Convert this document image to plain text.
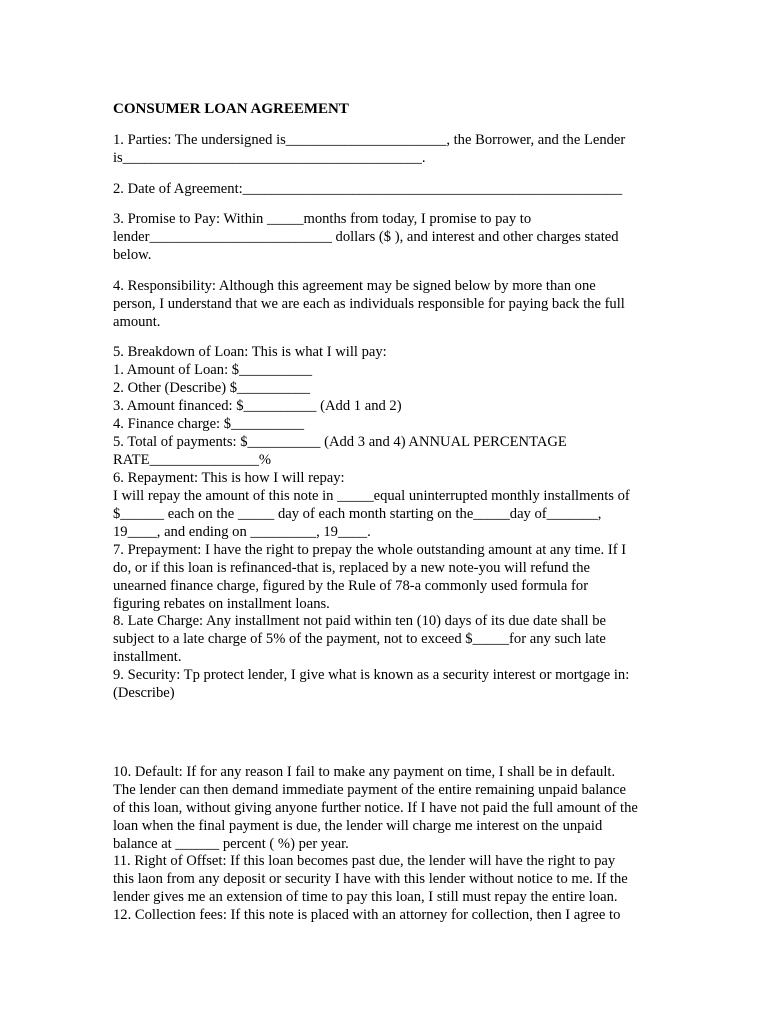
CONSUMER LOAN AGREEMENT
1. Parties: The undersigned is______________________, the Borrower, and the Lender
is_________________________________________.
2. Date of Agreement:____________________________________________________
3. Promise to Pay: Within _____months from today, I promise to pay to
lender_________________________ dollars ($ ), and interest and other charges stated
below.
4. Responsibility: Although this agreement may be signed below by more than one
person, I understand that we are each as individuals responsible for paying back the full
amount.
5. Breakdown of Loan: This is what I will pay:
1. Amount of Loan: $__________
2. Other (Describe) $__________
3. Amount financed: $__________ (Add 1 and 2)
4. Finance charge: $__________
5. Total of payments: $__________ (Add 3 and 4) ANNUAL PERCENTAGE
RATE_______________%
6. Repayment: This is how I will repay:
I will repay the amount of this note in _____equal uninterrupted monthly installments of
$______ each on the _____ day of each month starting on the_____day of_______,
19____, and ending on _________, 19____.
7. Prepayment: I have the right to prepay the whole outstanding amount at any time. If I
do, or if this loan is refinanced-that is, replaced by a new note-you will refund the
unearned finance charge, figured by the Rule of 78-a commonly used formula for
figuring rebates on installment loans.
8. Late Charge: Any installment not paid within ten (10) days of its due date shall be
subject to a late charge of 5% of the payment, not to exceed $_____for any such late
installment.
9. Security: Tp protect lender, I give what is known as a security interest or mortgage in:
(Describe)
10. Default: If for any reason I fail to make any payment on time, I shall be in default.
The lender can then demand immediate payment of the entire remaining unpaid balance
of this loan, without giving anyone further notice. If I have not paid the full amount of the
loan when the final payment is due, the lender will charge me interest on the unpaid
balance at ______ percent ( %) per year.
11. Right of Offset: If this loan becomes past due, the lender will have the right to pay
this laon from any deposit or security I have with this lender without notice to me. If the
lender gives me an extension of time to pay this loan, I still must repay the entire loan.
12. Collection fees: If this note is placed with an attorney for collection, then I agree to
